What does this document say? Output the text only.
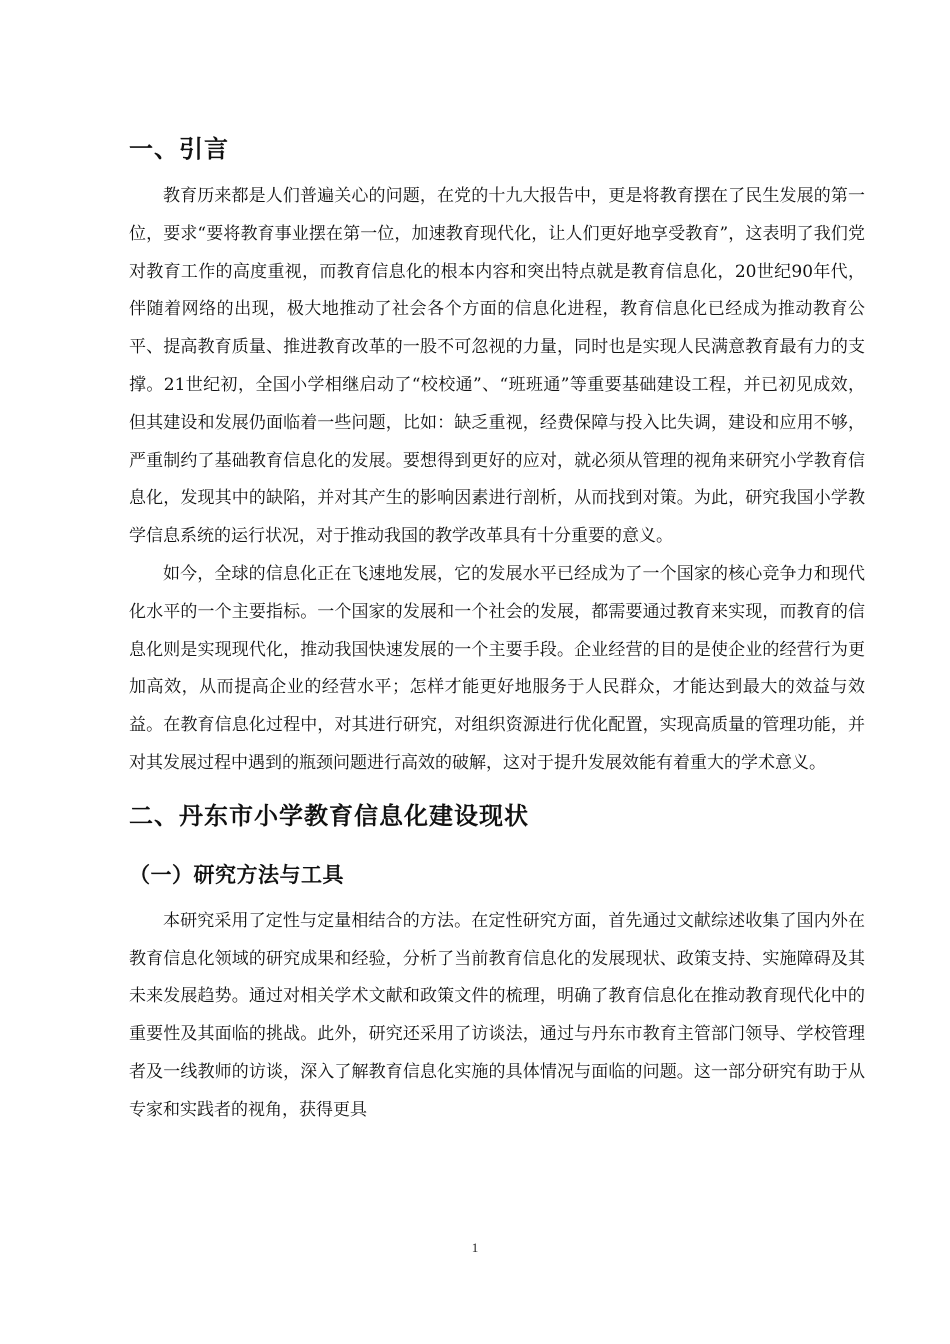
一、引言

教育历来都是人们普遍关心的问题，在党的十九大报告中，更是将教育摆在了民生发展的第一位，要求“要将教育事业摆在第一位，加速教育现代化，让人们更好地享受教育”，这表明了我们党对教育工作的高度重视，而教育信息化的根本内容和突出特点就是教育信息化，20世纪90年代，伴随着网络的出现，极大地推动了社会各个方面的信息化进程，教育信息化已经成为推动教育公平、提高教育质量、推进教育改革的一股不可忽视的力量，同时也是实现人民满意教育最有力的支撑。21世纪初，全国小学相继启动了“校校通”、“班班通”等重要基础建设工程，并已初见成效，但其建设和发展仍面临着一些问题，比如：缺乏重视，经费保障与投入比失调，建设和应用不够，严重制约了基础教育信息化的发展。要想得到更好的应对，就必须从管理的视角来研究小学教育信息化，发现其中的缺陷，并对其产生的影响因素进行剖析，从而找到对策。为此，研究我国小学教学信息系统的运行状况，对于推动我国的教学改革具有十分重要的意义。

如今，全球的信息化正在飞速地发展，它的发展水平已经成为了一个国家的核心竞争力和现代化水平的一个主要指标。一个国家的发展和一个社会的发展，都需要通过教育来实现，而教育的信息化则是实现现代化，推动我国快速发展的一个主要手段。企业经营的目的是使企业的经营行为更加高效，从而提高企业的经营水平；怎样才能更好地服务于人民群众，才能达到最大的效益与效益。在教育信息化过程中，对其进行研究，对组织资源进行优化配置，实现高质量的管理功能，并对其发展过程中遇到的瓶颈问题进行高效的破解，这对于提升发展效能有着重大的学术意义。

二、丹东市小学教育信息化建设现状
（一）研究方法与工具

本研究采用了定性与定量相结合的方法。在定性研究方面，首先通过文献综述收集了国内外在教育信息化领域的研究成果和经验，分析了当前教育信息化的发展现状、政策支持、实施障碍及其未来发展趋势。通过对相关学术文献和政策文件的梳理，明确了教育信息化在推动教育现代化中的重要性及其面临的挑战。此外，研究还采用了访谈法，通过与丹东市教育主管部门领导、学校管理者及一线教师的访谈，深入了解教育信息化实施的具体情况与面临的问题。这一部分研究有助于从专家和实践者的视角，获得更具

1
